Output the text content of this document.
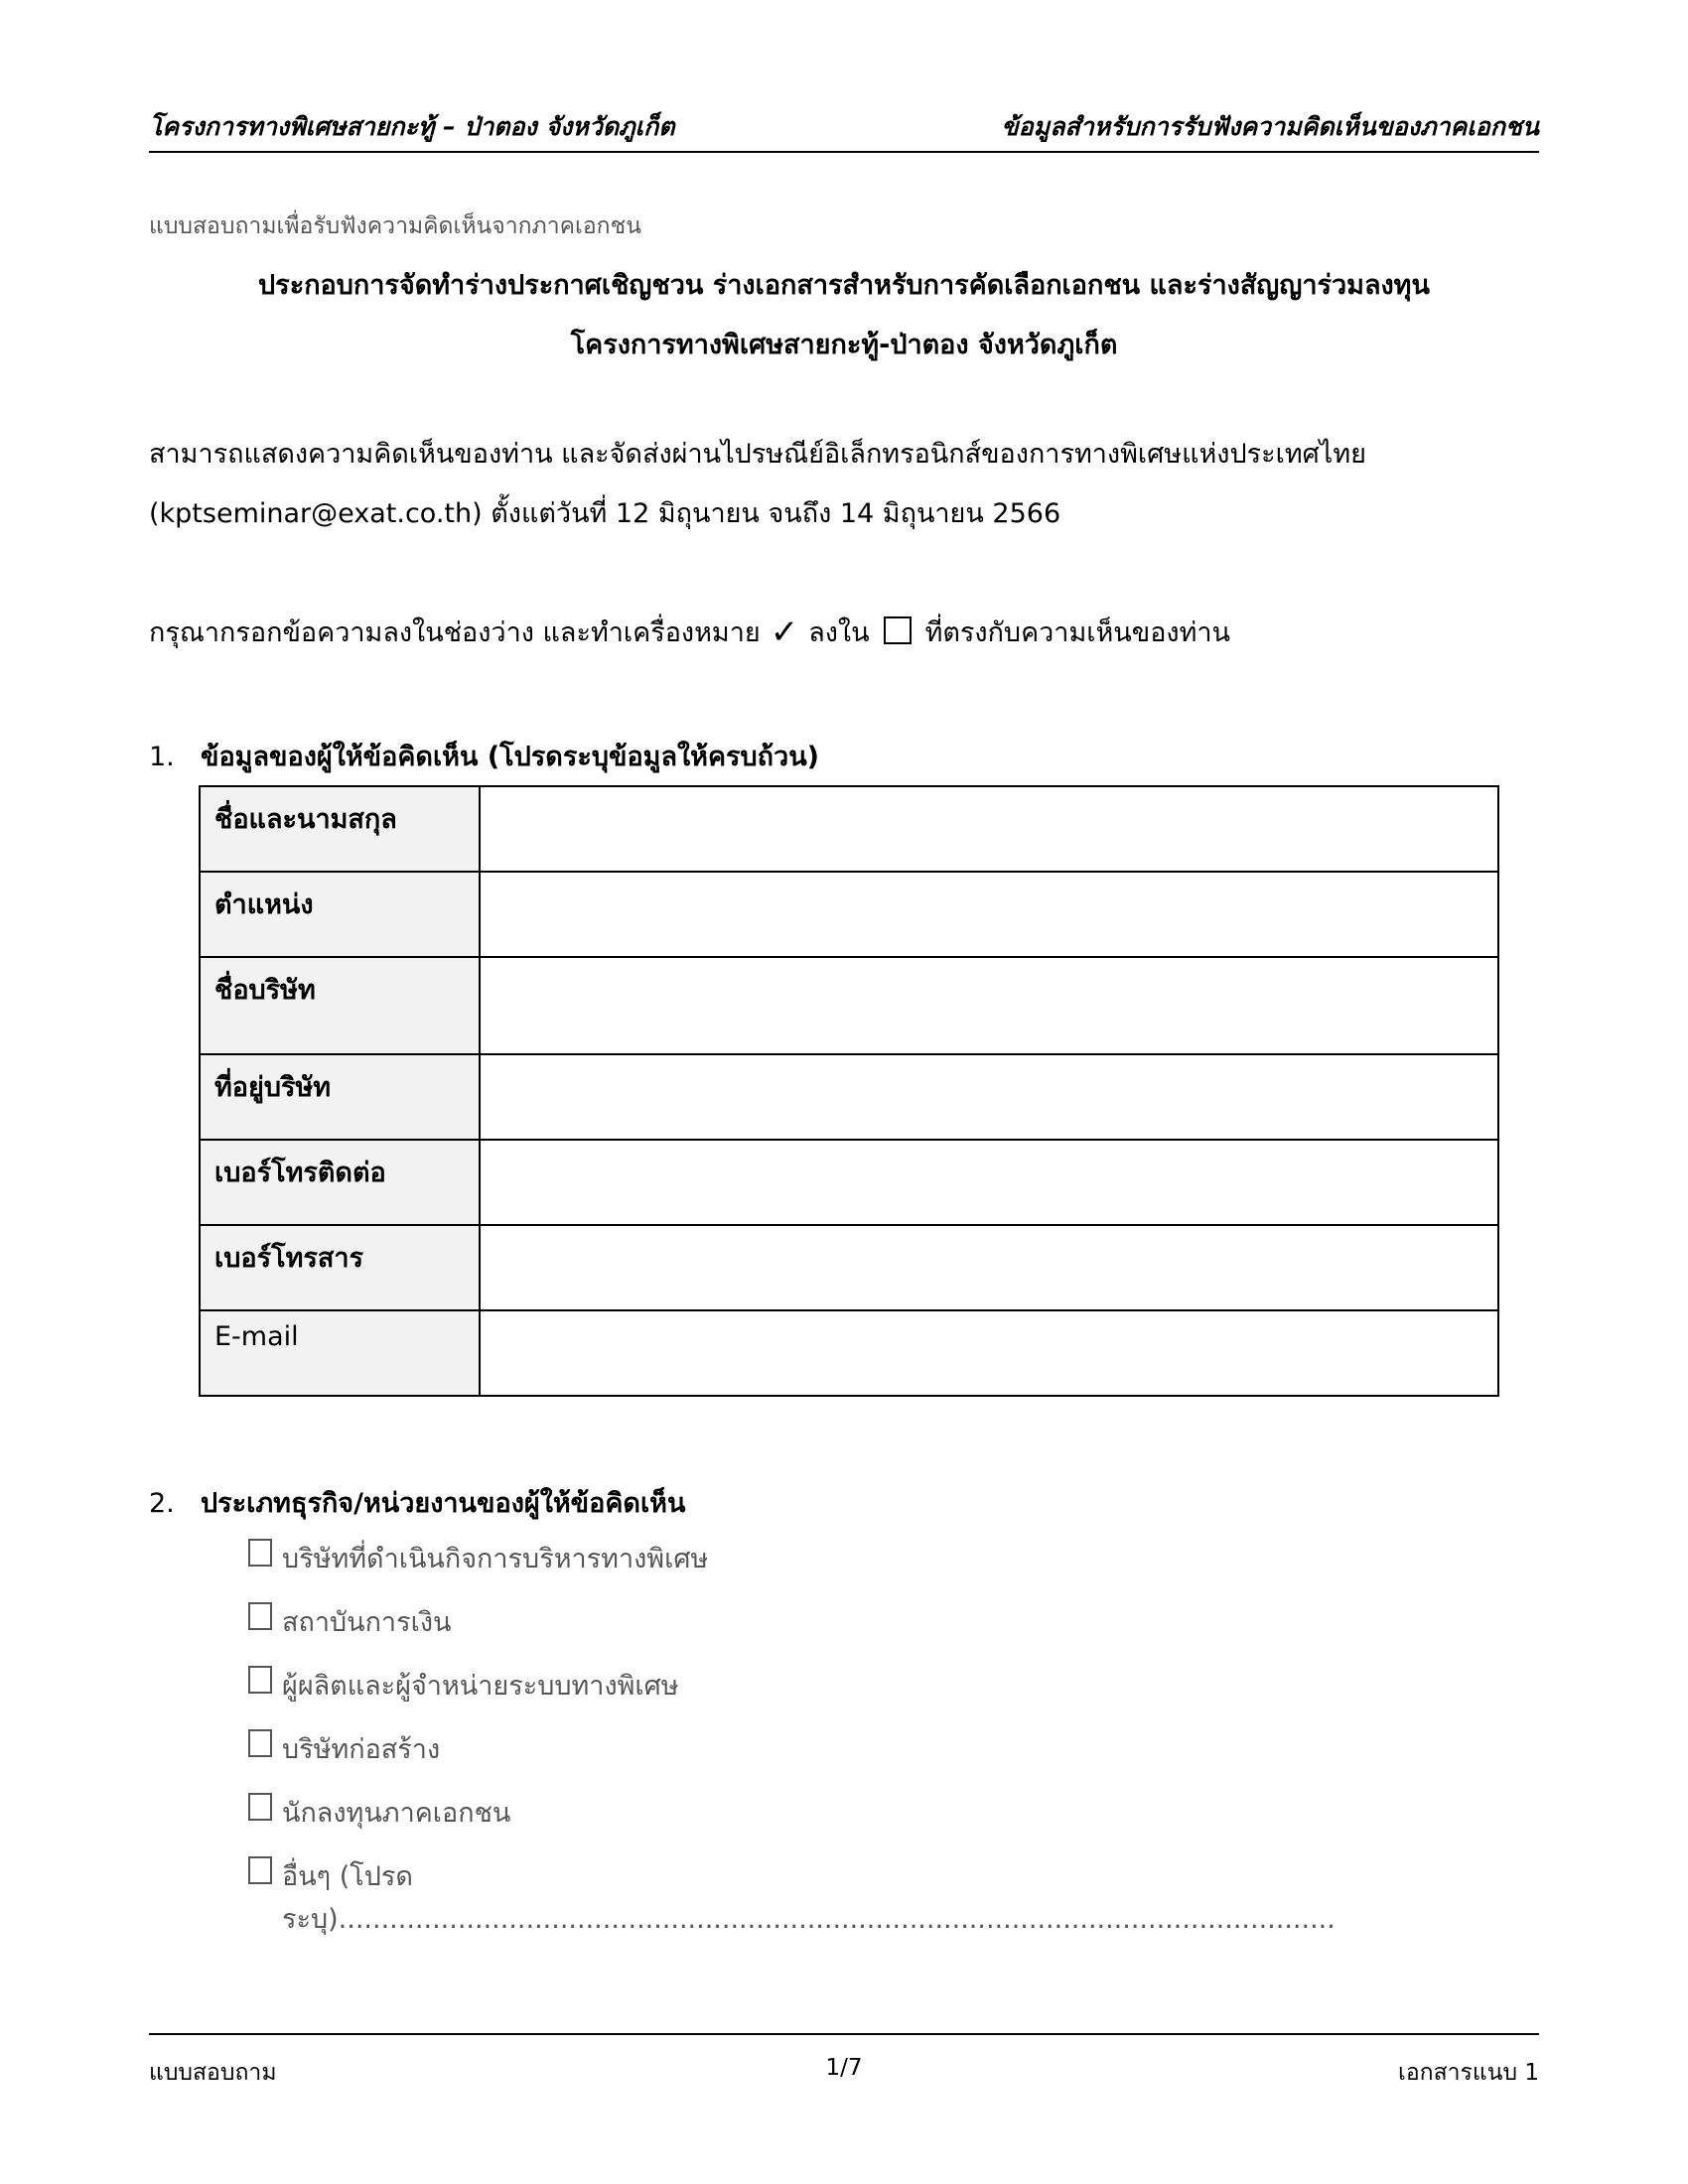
โครงการทางพิเศษสายกะทู้ – ป่าตอง จังหวัดภูเก็ต	ข้อมูลสำหรับการรับฟังความคิดเห็นของภาคเอกชน
แบบสอบถามเพื่อรับฟังความคิดเห็นจากภาคเอกชน
ประกอบการจัดทำร่างประกาศเชิญชวน ร่างเอกสารสำหรับการคัดเลือกเอกชน และร่างสัญญาร่วมลงทุน
โครงการทางพิเศษสายกะทู้-ป่าตอง จังหวัดภูเก็ต
สามารถแสดงความคิดเห็นของท่าน และจัดส่งผ่านไปรษณีย์อิเล็กทรอนิกส์ของการทางพิเศษแห่งประเทศไทย
(kptseminar@exat.co.th) ตั้งแต่วันที่ 12 มิถุนายน จนถึง 14 มิถุนายน 2566
กรุณากรอกข้อความลงในช่องว่าง และทำเครื่องหมาย ✓ ลงใน ที่ตรงกับความเห็นของท่าน
1. ข้อมูลของผู้ให้ข้อคิดเห็น (โปรดระบุข้อมูลให้ครบถ้วน)
ชื่อและนามสกุล	
ตำแหน่ง	
ชื่อบริษัท	
ที่อยู่บริษัท	
เบอร์โทรติดต่อ	
เบอร์โทรสาร	
E-mail	
2. ประเภทธุรกิจ/หน่วยงานของผู้ให้ข้อคิดเห็น
บริษัทที่ดำเนินกิจการบริหารทางพิเศษ
สถาบันการเงิน
ผู้ผลิตและผู้จำหน่ายระบบทางพิเศษ
บริษัทก่อสร้าง
นักลงทุนภาคเอกชน
อื่นๆ (โปรดระบุ).....................................................................................................................
แบบสอบถาม	1/7	เอกสารแนบ 1
